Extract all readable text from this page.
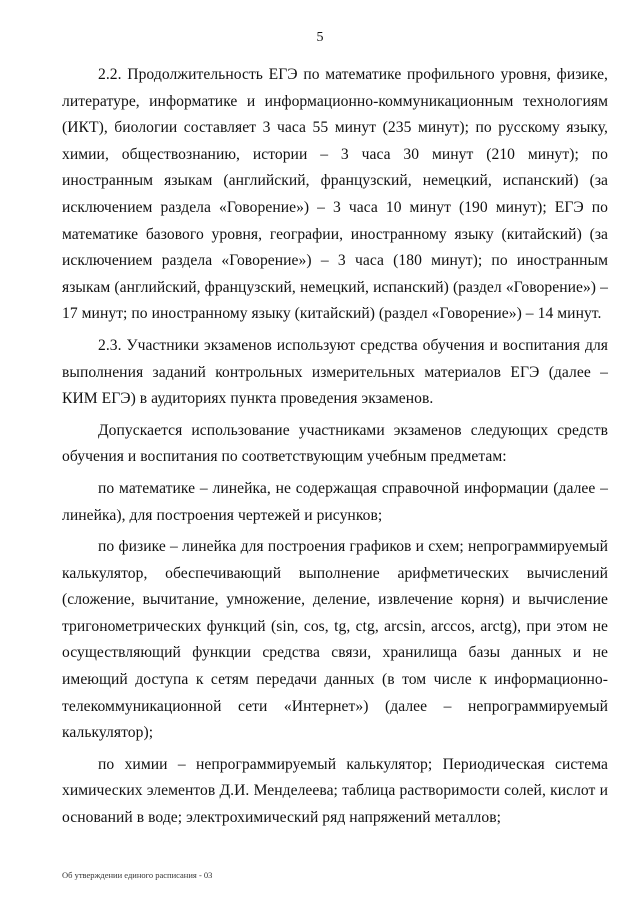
5

2.2. Продолжительность ЕГЭ по математике профильного уровня, физике, литературе, информатике и информационно-коммуникационным технологиям (ИКТ), биологии составляет 3 часа 55 минут (235 минут); по русскому языку, химии, обществознанию, истории – 3 часа 30 минут (210 минут); по иностранным языкам (английский, французский, немецкий, испанский) (за исключением раздела «Говорение») – 3 часа 10 минут (190 минут); ЕГЭ по математике базового уровня, географии, иностранному языку (китайский) (за исключением раздела «Говорение») – 3 часа (180 минут); по иностранным языкам (английский, французский, немецкий, испанский) (раздел «Говорение») – 17 минут; по иностранному языку (китайский) (раздел «Говорение») – 14 минут.

2.3. Участники экзаменов используют средства обучения и воспитания для выполнения заданий контрольных измерительных материалов ЕГЭ (далее – КИМ ЕГЭ) в аудиториях пункта проведения экзаменов.

Допускается использование участниками экзаменов следующих средств обучения и воспитания по соответствующим учебным предметам:

по математике – линейка, не содержащая справочной информации (далее – линейка), для построения чертежей и рисунков;

по физике – линейка для построения графиков и схем; непрограммируемый калькулятор, обеспечивающий выполнение арифметических вычислений (сложение, вычитание, умножение, деление, извлечение корня) и вычисление тригонометрических функций (sin, cos, tg, ctg, arcsin, arccos, arctg), при этом не осуществляющий функции средства связи, хранилища базы данных и не имеющий доступа к сетям передачи данных (в том числе к информационно-телекоммуникационной сети «Интернет») (далее – непрограммируемый калькулятор);

по химии – непрограммируемый калькулятор; Периодическая система химических элементов Д.И. Менделеева; таблица растворимости солей, кислот и оснований в воде; электрохимический ряд напряжений металлов;

Об утверждении единого расписания - 03
